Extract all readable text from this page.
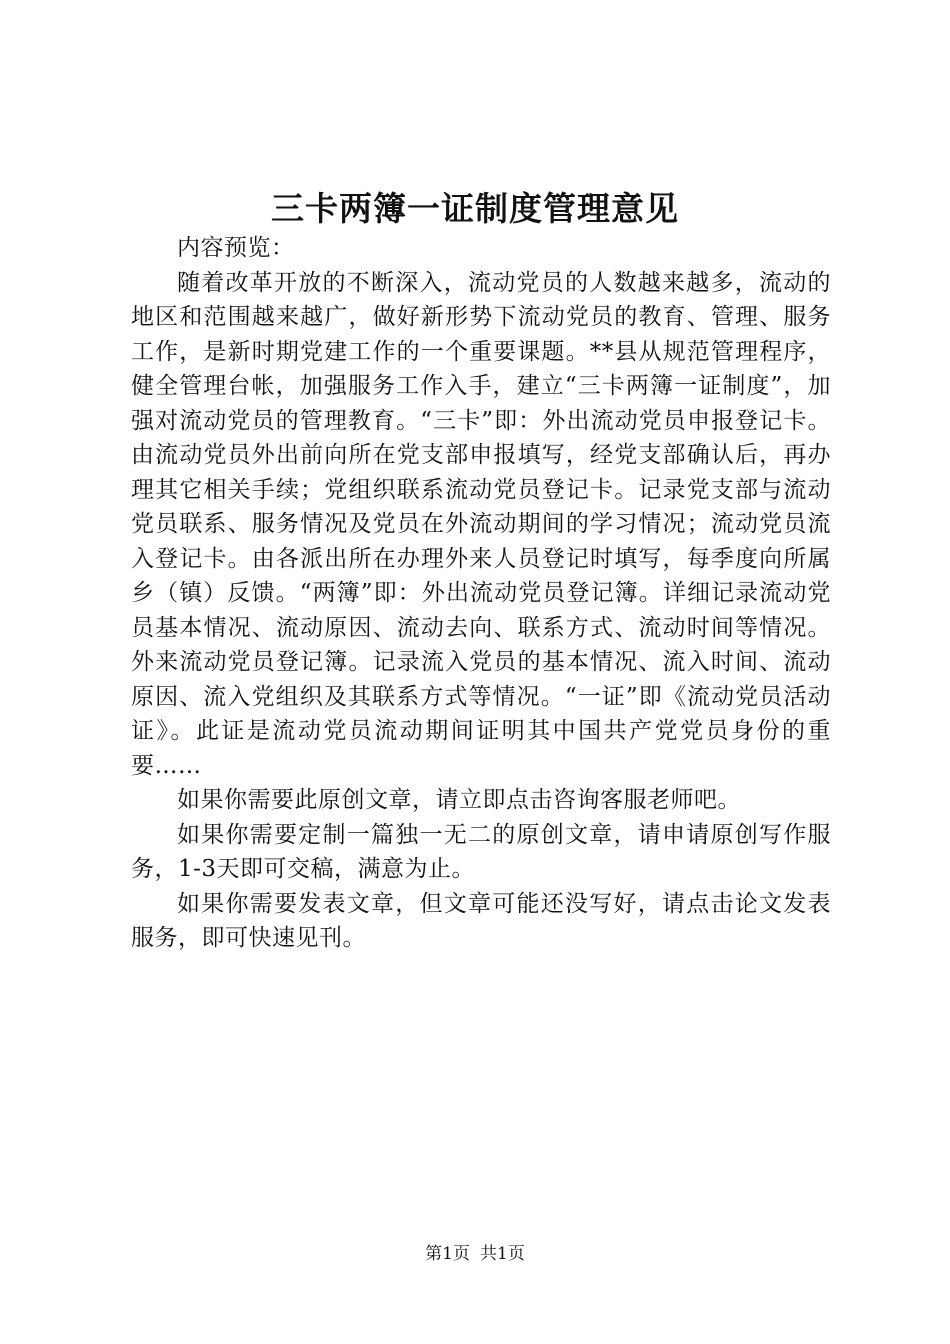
三卡两簿一证制度管理意见

内容预览：

随着改革开放的不断深入，流动党员的人数越来越多，流动的地区和范围越来越广，做好新形势下流动党员的教育、管理、服务工作，是新时期党建工作的一个重要课题。**县从规范管理程序，健全管理台帐，加强服务工作入手，建立“三卡两簿一证制度”，加强对流动党员的管理教育。“三卡”即：外出流动党员申报登记卡。由流动党员外出前向所在党支部申报填写，经党支部确认后，再办理其它相关手续；党组织联系流动党员登记卡。记录党支部与流动党员联系、服务情况及党员在外流动期间的学习情况；流动党员流入登记卡。由各派出所在办理外来人员登记时填写，每季度向所属乡（镇）反馈。“两簿”即：外出流动党员登记簿。详细记录流动党员基本情况、流动原因、流动去向、联系方式、流动时间等情况。外来流动党员登记簿。记录流入党员的基本情况、流入时间、流动原因、流入党组织及其联系方式等情况。“一证”即《流动党员活动证》。此证是流动党员流动期间证明其中国共产党党员身份的重要……

如果你需要此原创文章，请立即点击咨询客服老师吧。

如果你需要定制一篇独一无二的原创文章，请申请原创写作服务，1-3天即可交稿，满意为止。

如果你需要发表文章，但文章可能还没写好，请点击论文发表服务，即可快速见刊。

第1页 共1页
